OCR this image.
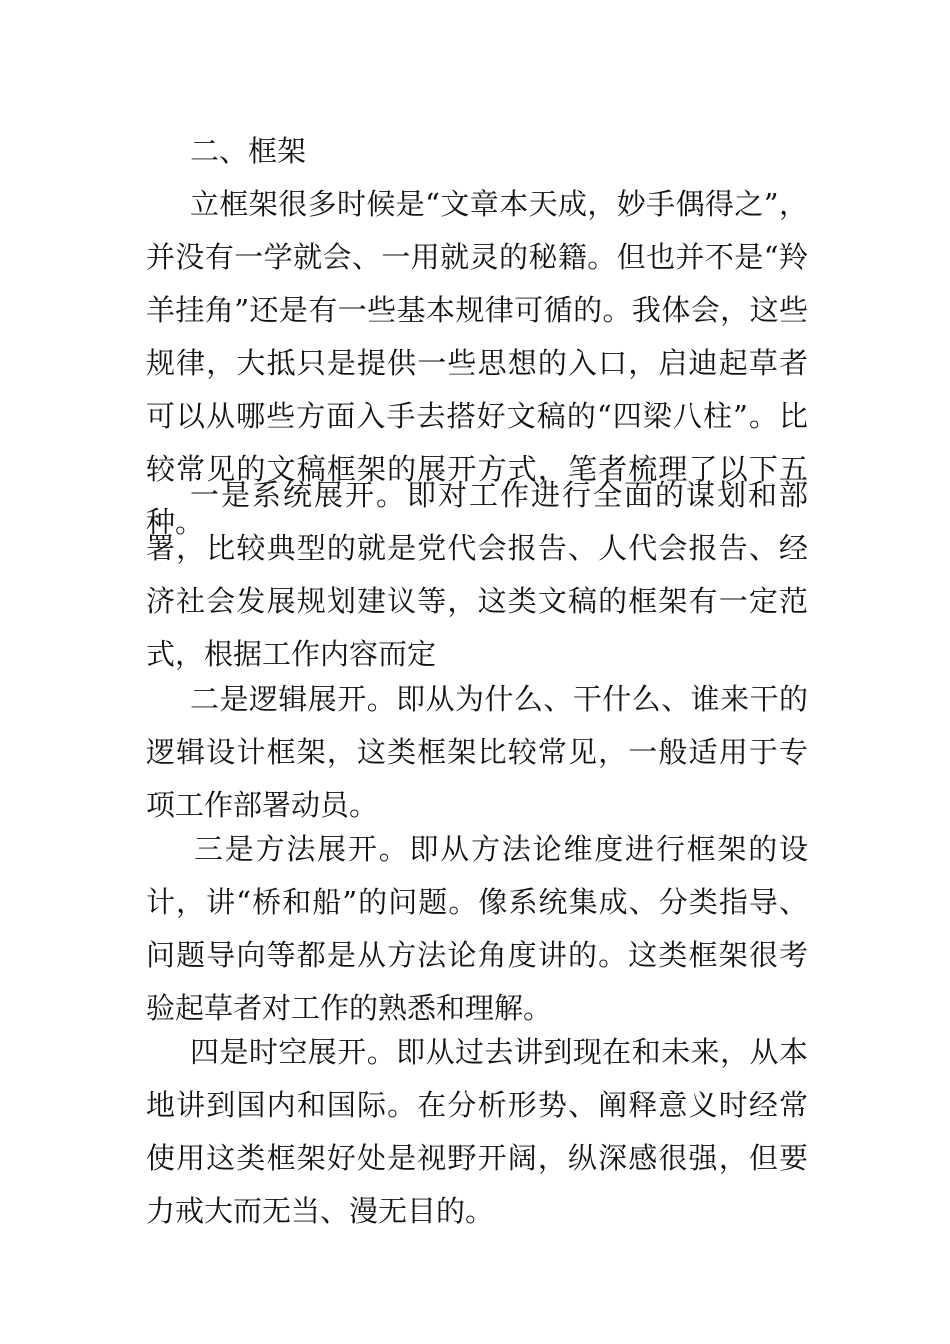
二、框架

立框架很多时候是“文章本天成，妙手偶得之”，并没有一学就会、一用就灵的秘籍。但也并不是“羚羊挂角”还是有一些基本规律可循的。我体会，这些规律，大抵只是提供一些思想的入口，启迪起草者可以从哪些方面入手去搭好文稿的“四梁八柱”。比较常见的文稿框架的展开方式，笔者梳理了以下五种。

一是系统展开。即对工作进行全面的谋划和部署，比较典型的就是党代会报告、人代会报告、经济社会发展规划建议等，这类文稿的框架有一定范式，根据工作内容而定

二是逻辑展开。即从为什么、干什么、谁来干的逻辑设计框架，这类框架比较常见，一般适用于专项工作部署动员。

三是方法展开。即从方法论维度进行框架的设计，讲“桥和船”的问题。像系统集成、分类指导、问题导向等都是从方法论角度讲的。这类框架很考验起草者对工作的熟悉和理解。

四是时空展开。即从过去讲到现在和未来，从本地讲到国内和国际。在分析形势、阐释意义时经常使用这类框架好处是视野开阔，纵深感很强，但要力戒大而无当、漫无目的。
